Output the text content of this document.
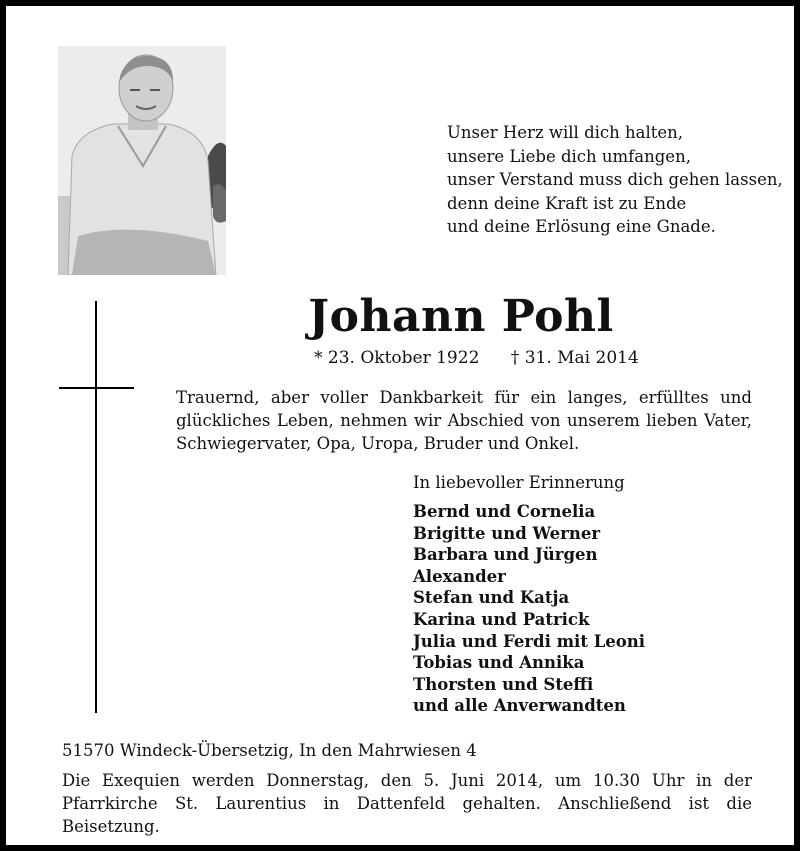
Unser Herz will dich halten,
unsere Liebe dich umfangen,
unser Verstand muss dich gehen lassen,
denn deine Kraft ist zu Ende
und deine Erlösung eine Gnade.
Johann Pohl
* 23. Oktober 1922 † 31. Mai 2014
Trauernd, aber voller Dankbarkeit für ein langes, erfülltes und glückliches Leben, nehmen wir Abschied von unserem lieben Vater, Schwiegervater, Opa, Uropa, Bruder und Onkel.
In liebevoller Erinnerung
Bernd und Cornelia
Brigitte und Werner
Barbara und Jürgen
Alexander
Stefan und Katja
Karina und Patrick
Julia und Ferdi mit Leoni
Tobias und Annika
Thorsten und Steffi
und alle Anverwandten
51570 Windeck-Übersetzig, In den Mahrwiesen 4
Die Exequien werden Donnerstag, den 5. Juni 2014, um 10.30 Uhr in der Pfarrkirche St. Laurentius in Dattenfeld gehalten. Anschließend ist die Beisetzung.
